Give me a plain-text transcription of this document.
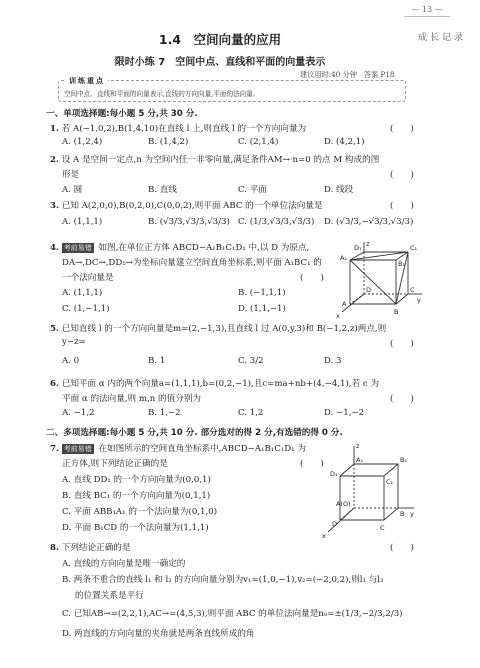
— 13 —
成长记录
1.4　空间向量的应用
限时小练 7　空间中点、直线和平面的向量表示
建议用时:40 分钟 答案 P18
训练重点
空间中点、直线和平面的向量表示,直线的方向向量,平面的法向量.
一、单项选择题:每小题 5 分,共 30 分.
1. 若 A(−1,0,2),B(1,4,10)在直线 l 上,则直线 l 的一个方向向量为	(　　)
A. (1,2,4)	B. (1,4,2)	C. (2,1,4)	D. (4,2,1)
2. 设 A 是空间一定点,n 为空间内任一非零向量,满足条件AM→·n=0 的点 M 构成的图
形是	(　　)
A. 圆	B. 直线	C. 平面	D. 线段
3. 已知 A(2,0,0),B(0,2,0),C(0,0,2),则平面 ABC 的一个单位法向量是	(　　)
A. (1,1,1)	B. (√3/3,√3/3,√3/3) C. (1/3,√3/3,√3/3) D. (√3/3,−√3/3,√3/3)
4. 考前易错 如图,在单位正方体 ABCD−A₁B₁C₁D₁ 中,以 D 为原点,
DA→,DC→,DD₁→为坐标向量建立空间直角坐标系,则平面 A₁BC₁ 的
一个法向量是	(　　)
A. (1,1,1)	B. (−1,1,1)
C. (1,−1,1)	D. (1,1,−1)
D₁	C₁
A₁
B₁
D	C
A
B
x
y
z
5. 已知直线 l 的一个方向向量是m=(2,−1,3),且直线 l 过 A(0,y,3)和 B(−1,2,z)两点,则
y−z=	(　　)
A. 0	B. 1	C. 3/2	D. 3
6. 已知平面 α 内的两个向量a=(1,1,1),b=(0,2,−1),且c=ma+nb+(4,−4,1),若 c 为
平面 α 的法向量,则 m,n 的值分别为	(　　)
A. −1,2	B. 1,−2	C. 1,2	D. −1,−2
二、多项选择题:每小题 5 分,共 10 分. 部分选对的得 2 分,有选错的得 0 分.
7. 考前易错 在如图所示的空间直角坐标系中,ABCD−A₁B₁C₁D₁ 为
正方体,则下列结论正确的是	(　　)
A. 直线 DD₁ 的一个方向向量为(0,0,1)
B. 直线 BC₁ 的一个方向向量为(0,1,1)
C. 平面 ABB₁A₁ 的一个法向量为(0,1,0)
D. 平面 B₁CD 的一个法向量为(1,1,1)
A(O)
B
C
D
A₁	B₁
C₁
D₁
x
y
z
8. 下列结论正确的是	(　　)
A. 直线的方向向量是唯一确定的
B. 两条不重合的直线 l₁ 和 l₂ 的方向向量分别为v₁=(1,0,−1),v₂=(−2,0,2),则l₁ 与l₂
的位置关系是平行
C. 已知AB→=(2,2,1),AC→=(4,5,3),则平面 ABC 的单位法向量是n₀=±(1/3,−2/3,2/3)
D. 两直线的方向向量的夹角就是两条直线所成的角
